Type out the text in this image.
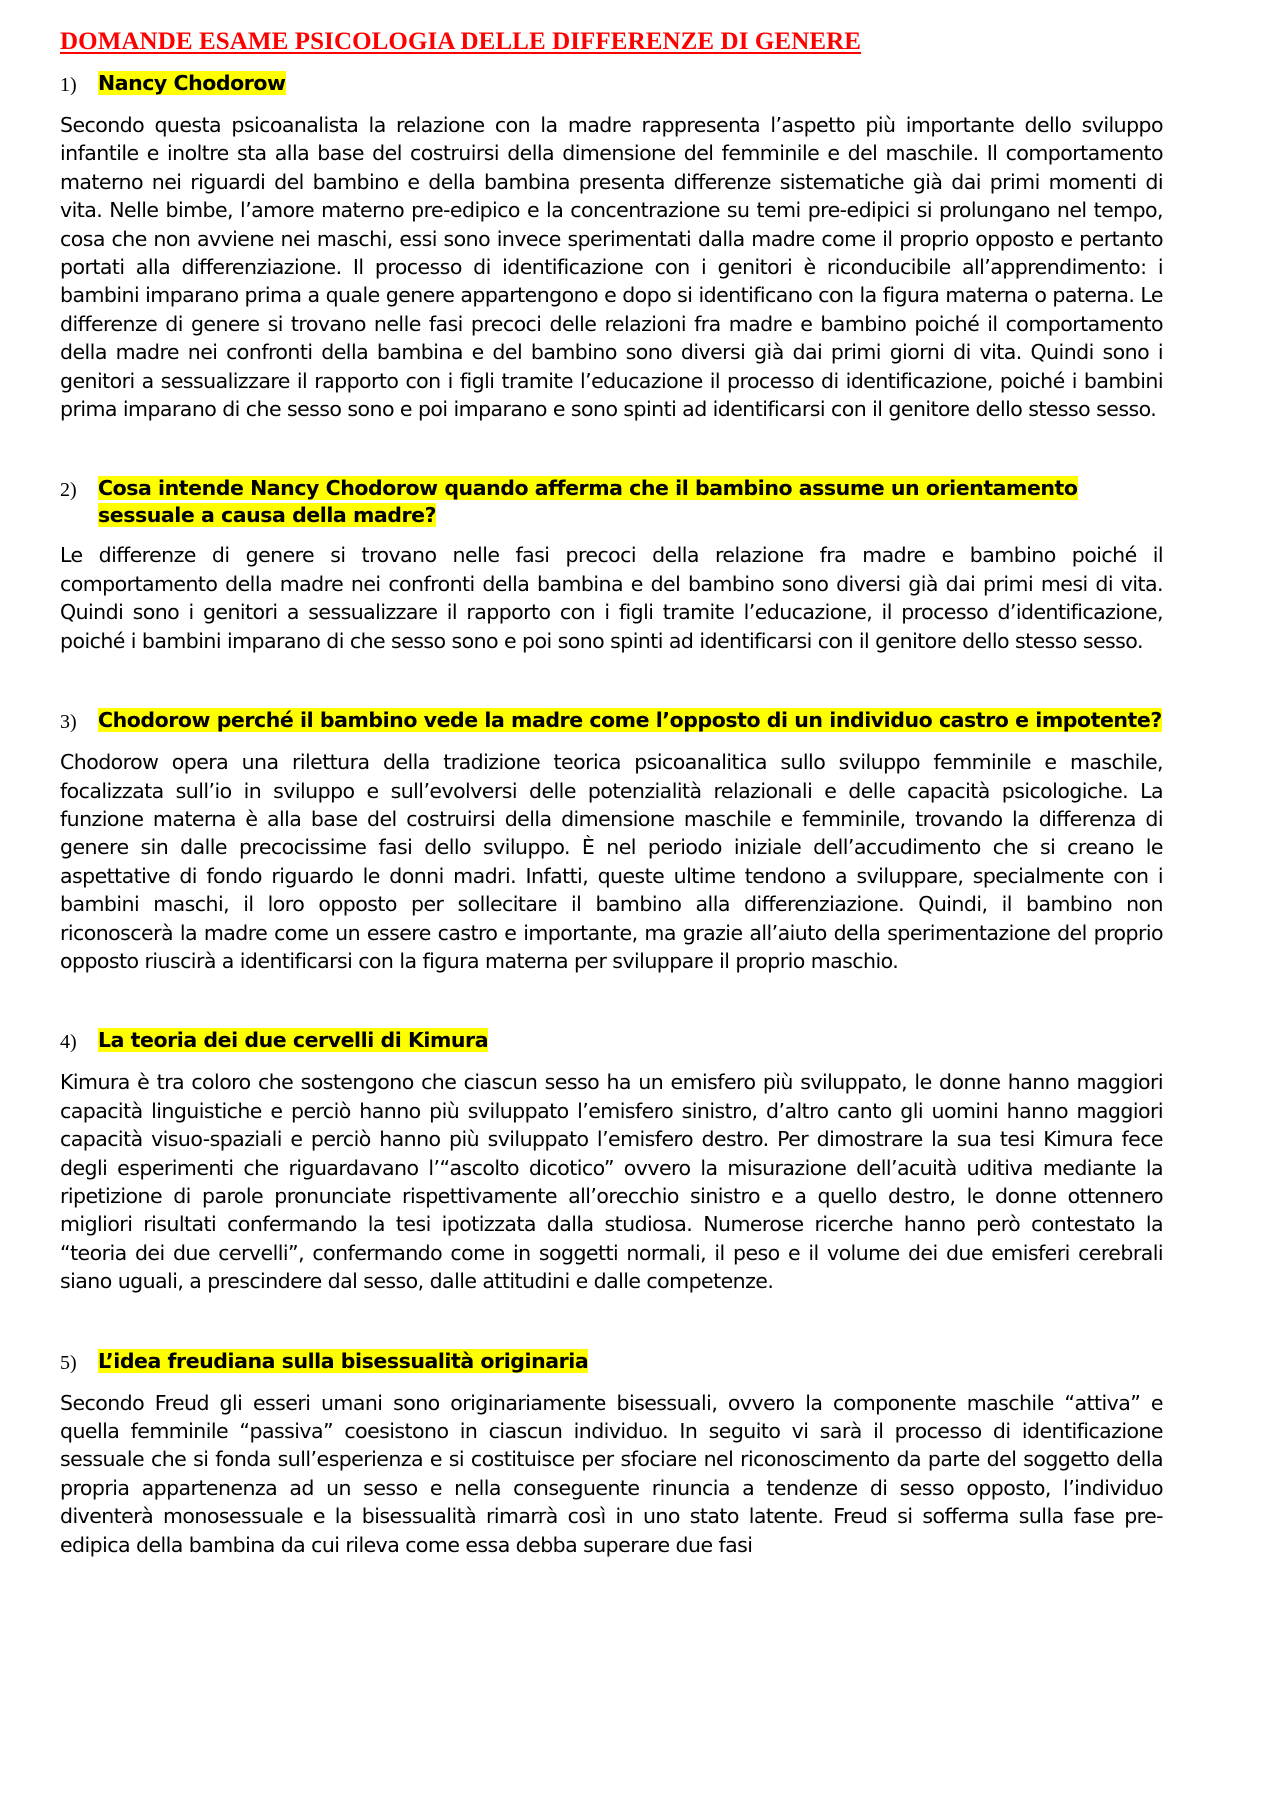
DOMANDE ESAME PSICOLOGIA DELLE DIFFERENZE DI GENERE
1)	Nancy Chodorow

Secondo questa psicoanalista la relazione con la madre rappresenta l’aspetto più importante dello sviluppo infantile e inoltre sta alla base del costruirsi della dimensione del femminile e del maschile. Il comportamento materno nei riguardi del bambino e della bambina presenta differenze sistematiche già dai primi momenti di vita. Nelle bimbe, l’amore materno pre-edipico e la concentrazione su temi pre-edipici si prolungano nel tempo, cosa che non avviene nei maschi, essi sono invece sperimentati dalla madre come il proprio opposto e pertanto portati alla differenziazione. Il processo di identificazione con i genitori è riconducibile all’apprendimento: i bambini imparano prima a quale genere appartengono e dopo si identificano con la figura materna o paterna. Le differenze di genere si trovano nelle fasi precoci delle relazioni fra madre e bambino poiché il comportamento della madre nei confronti della bambina e del bambino sono diversi già dai primi giorni di vita. Quindi sono i genitori a sessualizzare il rapporto con i figli tramite l’educazione il processo di identificazione, poiché i bambini prima imparano di che sesso sono e poi imparano e sono spinti ad identificarsi con il genitore dello stesso sesso.

2)	Cosa intende Nancy Chodorow quando afferma che il bambino assume un orientamento sessuale a causa della madre?

Le differenze di genere si trovano nelle fasi precoci della relazione fra madre e bambino poiché il comportamento della madre nei confronti della bambina e del bambino sono diversi già dai primi mesi di vita. Quindi sono i genitori a sessualizzare il rapporto con i figli tramite l’educazione, il processo d’identificazione, poiché i bambini imparano di che sesso sono e poi sono spinti ad identificarsi con il genitore dello stesso sesso.

3)	Chodorow perché il bambino vede la madre come l’opposto di un individuo castro e impotente?

Chodorow opera una rilettura della tradizione teorica psicoanalitica sullo sviluppo femminile e maschile, focalizzata sull’io in sviluppo e sull’evolversi delle potenzialità relazionali e delle capacità psicologiche. La funzione materna è alla base del costruirsi della dimensione maschile e femminile, trovando la differenza di genere sin dalle precocissime fasi dello sviluppo. È nel periodo iniziale dell’accudimento che si creano le aspettative di fondo riguardo le donni madri. Infatti, queste ultime tendono a sviluppare, specialmente con i bambini maschi, il loro opposto per sollecitare il bambino alla differenziazione. Quindi, il bambino non riconoscerà la madre come un essere castro e importante, ma grazie all’aiuto della sperimentazione del proprio opposto riuscirà a identificarsi con la figura materna per sviluppare il proprio maschio.

4)	La teoria dei due cervelli di Kimura

Kimura è tra coloro che sostengono che ciascun sesso ha un emisfero più sviluppato, le donne hanno maggiori capacità linguistiche e perciò hanno più sviluppato l’emisfero sinistro, d’altro canto gli uomini hanno maggiori capacità visuo-spaziali e perciò hanno più sviluppato l’emisfero destro. Per dimostrare la sua tesi Kimura fece degli esperimenti che riguardavano l’“ascolto dicotico” ovvero la misurazione dell’acuità uditiva mediante la ripetizione di parole pronunciate rispettivamente all’orecchio sinistro e a quello destro, le donne ottennero migliori risultati confermando la tesi ipotizzata dalla studiosa. Numerose ricerche hanno però contestato la “teoria dei due cervelli”, confermando come in soggetti normali, il peso e il volume dei due emisferi cerebrali siano uguali, a prescindere dal sesso, dalle attitudini e dalle competenze.

5)	L’idea freudiana sulla bisessualità originaria

Secondo Freud gli esseri umani sono originariamente bisessuali, ovvero la componente maschile “attiva” e quella femminile “passiva” coesistono in ciascun individuo. In seguito vi sarà il processo di identificazione sessuale che si fonda sull’esperienza e si costituisce per sfociare nel riconoscimento da parte del soggetto della propria appartenenza ad un sesso e nella conseguente rinuncia a tendenze di sesso opposto, l’individuo diventerà monosessuale e la bisessualità rimarrà così in uno stato latente. Freud si sofferma sulla fase pre-edipica della bambina da cui rileva come essa debba superare due fasi
